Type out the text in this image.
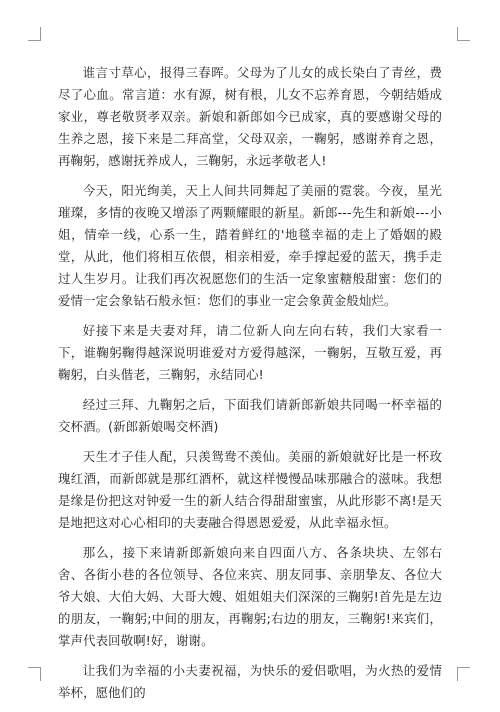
谁言寸草心，报得三春晖。父母为了儿女的成长染白了青丝，费尽了心血。常言道：水有源，树有根，儿女不忘养育恩，今朝结婚成家业，尊老敬贤孝双亲。新娘和新郎如今已成家，真的要感谢父母的生养之恩，接下来是二拜高堂，父母双亲，一鞠躬，感谢养育之恩，再鞠躬，感谢抚养成人，三鞠躬，永远孝敬老人!

今天，阳光绚美，天上人间共同舞起了美丽的霓裳。今夜，星光璀璨，多情的夜晚又增添了两颗耀眼的新星。新郎---先生和新娘---小姐，情牵一线，心系一生，踏着鲜红的'地毯幸福的走上了婚姻的殿堂，从此，他们将相互依偎，相亲相爱，牵手撑起爱的蓝天，携手走过人生岁月。让我们再次祝愿您们的生活一定象蜜糖般甜蜜：您们的爱情一定会象钻石般永恒：您们的事业一定会象黄金般灿烂。

好接下来是夫妻对拜，请二位新人向左向右转，我们大家看一下，谁鞠躬鞠得越深说明谁爱对方爱得越深，一鞠躬，互敬互爱，再鞠躬，白头偕老，三鞠躬，永结同心!

经过三拜、九鞠躬之后，下面我们请新郎新娘共同喝一杯幸福的交杯酒。(新郎新娘喝交杯酒)

天生才子佳人配，只羡鸳鸯不羡仙。美丽的新娘就好比是一杯玫瑰红酒，而新郎就是那红酒杯，就这样慢慢品味那融合的滋味。我想是缘是份把这对钟爱一生的新人结合得甜甜蜜蜜，从此形影不离!是天是地把这对心心相印的夫妻融合得恩恩爱爱，从此幸福永恒。

那么，接下来请新郎新娘向来自四面八方、各条块块、左邻右舍、各街小巷的各位领导、各位来宾、朋友同事、亲朋挚友、各位大爷大娘、大伯大妈、大哥大嫂、姐姐姐夫们深深的三鞠躬!首先是左边的朋友，一鞠躬;中间的朋友，再鞠躬;右边的朋友，三鞠躬!来宾们，掌声代表回敬啊!好，谢谢。

让我们为幸福的小夫妻祝福，为快乐的爱侣歌唱，为火热的爱情举杯，愿他们的
